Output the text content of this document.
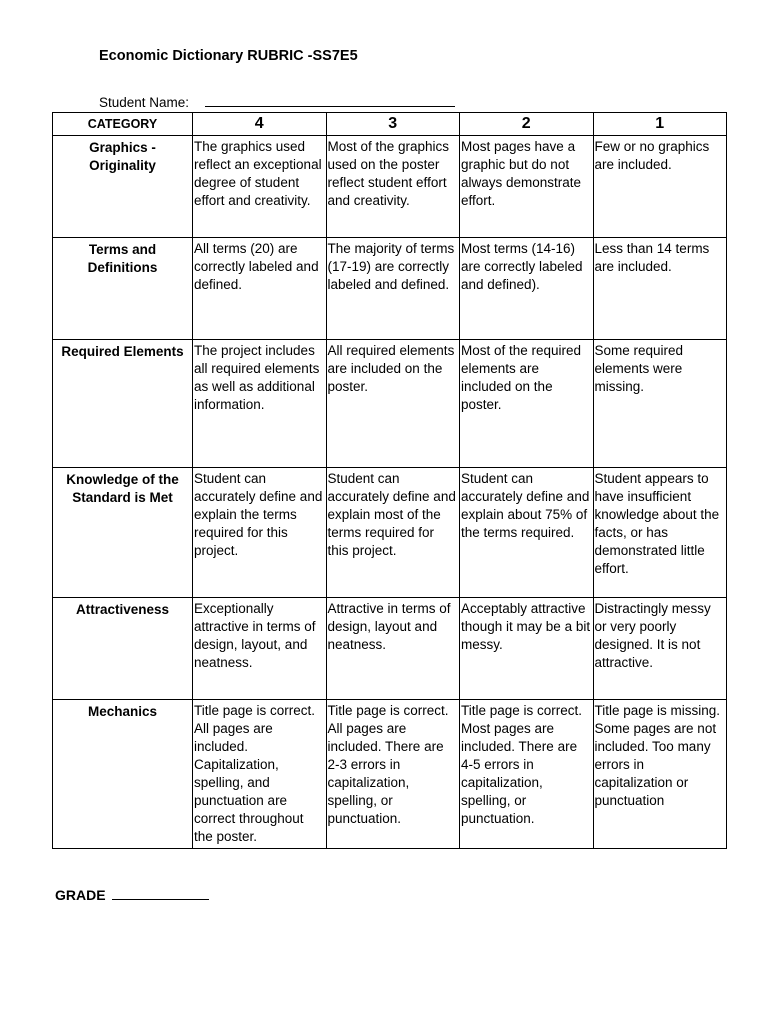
Economic Dictionary RUBRIC -SS7E5
Student Name:
CATEGORY	4	3	2	1
Graphics - Originality	The graphics used reflect an exceptional degree of student effort and creativity.	Most of the graphics used on the poster reflect student effort and creativity.	Most pages have a graphic but do not always demonstrate effort.	Few or no graphics are included.
Terms and Definitions	All terms (20) are correctly labeled and defined.	The majority of terms (17-19) are correctly labeled and defined.	Most terms (14-16) are correctly labeled and defined).	Less than 14 terms are included.
Required Elements	The project includes all required elements as well as additional information.	All required elements are included on the poster.	Most of the required elements are included on the poster.	Some required elements were missing.
Knowledge of the Standard is Met	Student can accurately define and explain the terms required for this project.	Student can accurately define and explain most of the terms required for this project.	Student can accurately define and explain about 75% of the terms required.	Student appears to have insufficient knowledge about the facts, or has demonstrated little effort.
Attractiveness	Exceptionally attractive in terms of design, layout, and neatness.	Attractive in terms of design, layout and neatness.	Acceptably attractive though it may be a bit messy.	Distractingly messy or very poorly designed. It is not attractive.
Mechanics	Title page is correct. All pages are included. Capitalization, spelling, and punctuation are correct throughout the poster.	Title page is correct. All pages are included. There are 2-3 errors in capitalization, spelling, or punctuation.	Title page is correct. Most pages are included. There are 4-5 errors in capitalization, spelling, or punctuation.	Title page is missing. Some pages are not included. Too many errors in capitalization or punctuation
GRADE
